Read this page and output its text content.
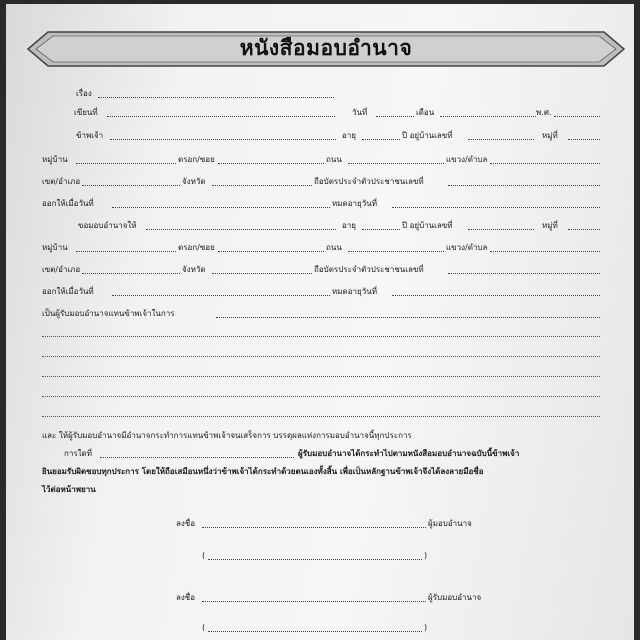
หนังสือมอบอำนาจ
เรื่อง
เขียนที่	วันที่	เดือน	พ.ศ.
ข้าพเจ้า	อายุ	ปี อยู่บ้านเลขที่	หมู่ที่
หมู่บ้าน	ตรอก/ซอย	ถนน	แขวง/ตำบล
เขต/อำเภอ	จังหวัด	ถือบัตรประจำตัวประชาชนเลขที่
ออกให้เมื่อวันที่	หมดอายุวันที่
ขอมอบอำนาจให้	อายุ	ปี อยู่บ้านเลขที่	หมู่ที่
หมู่บ้าน	ตรอก/ซอย	ถนน	แขวง/ตำบล
เขต/อำเภอ	จังหวัด	ถือบัตรประจำตัวประชาชนเลขที่
ออกให้เมื่อวันที่	หมดอายุวันที่
เป็นผู้รับมอบอำนาจแทนข้าพเจ้าในการ
และ ให้ผู้รับมอบอำนาจมีอำนาจกระทำการแทนข้าพเจ้าจนเสร็จการ บรรดุผลแห่งการมอบอำนาจนี้ทุกประการ
การใดที่	ผู้รับมอบอำนาจได้กระทำไปตามหนังสือมอบอำนาจฉบับนี้ข้าพเจ้า
ยินยอมรับผิดชอบทุกประการ โดยให้ถือเสมือนหนึ่งว่าข้าพเจ้าได้กระทำด้วยตนเองทั้งสิ้น เพื่อเป็นหลักฐานข้าพเจ้าจึงได้ลงลายมือชื่อ
ไว้ต่อหน้าพยาน
ลงชื่อ	ผู้มอบอำนาจ
(	)
ลงชื่อ	ผู้รับมอบอำนาจ
(	)
